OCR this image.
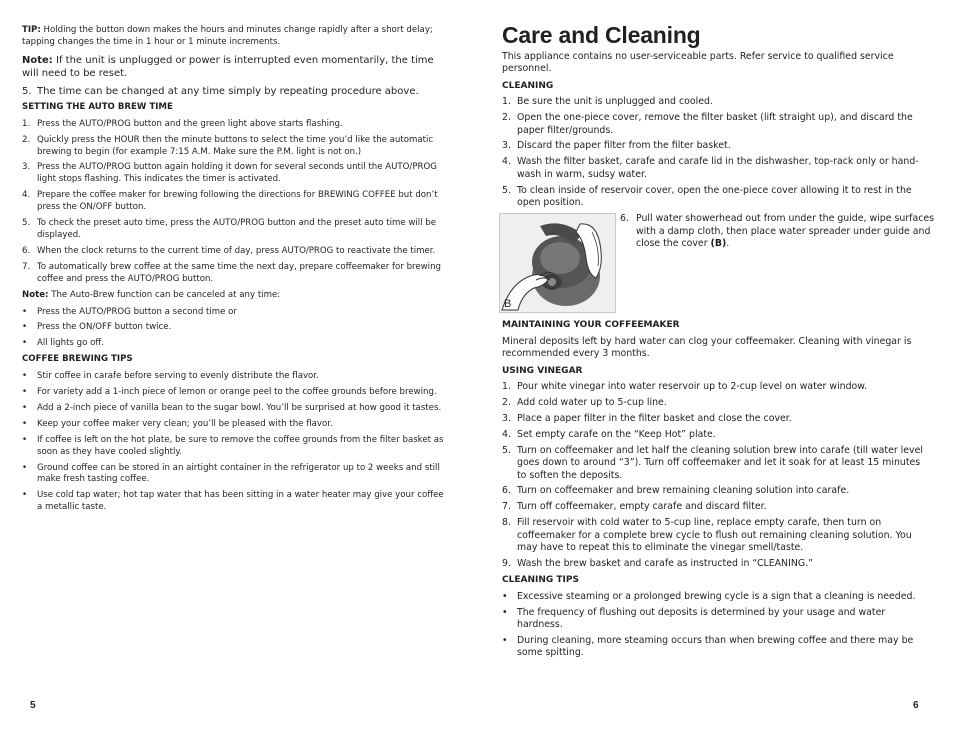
TIP: Holding the button down makes the hours and minutes change rapidly after a short delay; tapping changes the time in 1 hour or 1 minute increments.

Note: If the unit is unplugged or power is interrupted even momentarily, the time will need to be reset.

5. The time can be changed at any time simply by repeating procedure above.
SETTING THE AUTO BREW TIME
1. Press the AUTO/PROG button and the green light above starts flashing.
2. Quickly press the HOUR then the minute buttons to select the time you’d like the automatic brewing to begin (for example 7:15 A.M. Make sure the P.M. light is not on.)
3. Press the AUTO/PROG button again holding it down for several seconds until the AUTO/PROG light stops flashing. This indicates the timer is activated.
4. Prepare the coffee maker for brewing following the directions for BREWING COFFEE but don’t press the ON/OFF button.
5. To check the preset auto time, press the AUTO/PROG button and the preset auto time will be displayed.
6. When the clock returns to the current time of day, press AUTO/PROG to reactivate the timer.
7. To automatically brew coffee at the same time the next day, prepare coffeemaker for brewing coffee and press the AUTO/PROG button.

Note: The Auto-Brew function can be canceled at any time:

• Press the AUTO/PROG button a second time or
• Press the ON/OFF button twice.
• All lights go off.
COFFEE BREWING TIPS
• Stir coffee in carafe before serving to evenly distribute the flavor.
• For variety add a 1-inch piece of lemon or orange peel to the coffee grounds before brewing.
• Add a 2-inch piece of vanilla bean to the sugar bowl. You’ll be surprised at how good it tastes.
• Keep your coffee maker very clean; you’ll be pleased with the flavor.
• If coffee is left on the hot plate, be sure to remove the coffee grounds from the filter basket as soon as they have cooled slightly.
• Ground coffee can be stored in an airtight container in the refrigerator up to 2 weeks and still make fresh tasting coffee.
• Use cold tap water; hot tap water that has been sitting in a water heater may give your coffee a metallic taste.
5
Care and Cleaning

This appliance contains no user-serviceable parts. Refer service to qualified service personnel.

CLEANING
1. Be sure the unit is unplugged and cooled.
2. Open the one-piece cover, remove the filter basket (lift straight up), and discard the paper filter/grounds.
3. Discard the paper filter from the filter basket.
4. Wash the filter basket, carafe and carafe lid in the dishwasher, top-rack only or hand-wash in warm, sudsy water.
5. To clean inside of reservoir cover, open the one-piece cover allowing it to rest in the open position.
B
6. Pull water showerhead out from under the guide, wipe surfaces with a damp cloth, then place water spreader under guide and close the cover (B).
MAINTAINING YOUR COFFEEMAKER

Mineral deposits left by hard water can clog your coffeemaker. Cleaning with vinegar is recommended every 3 months.

USING VINEGAR
1. Pour white vinegar into water reservoir up to 2-cup level on water window.
2. Add cold water up to 5-cup line.
3. Place a paper filter in the filter basket and close the cover.
4. Set empty carafe on the “Keep Hot” plate.
5. Turn on coffeemaker and let half the cleaning solution brew into carafe (till water level goes down to around “3”). Turn off coffeemaker and let it soak for at least 15 minutes to soften the deposits.
6. Turn on coffeemaker and brew remaining cleaning solution into carafe.
7. Turn off coffeemaker, empty carafe and discard filter.
8. Fill reservoir with cold water to 5-cup line, replace empty carafe, then turn on coffeemaker for a complete brew cycle to flush out remaining cleaning solution. You may have to repeat this to eliminate the vinegar smell/taste.
9. Wash the brew basket and carafe as instructed in “CLEANING.”
CLEANING TIPS
• Excessive steaming or a prolonged brewing cycle is a sign that a cleaning is needed.
• The frequency of flushing out deposits is determined by your usage and water hardness.
• During cleaning, more steaming occurs than when brewing coffee and there may be some spitting.
6
